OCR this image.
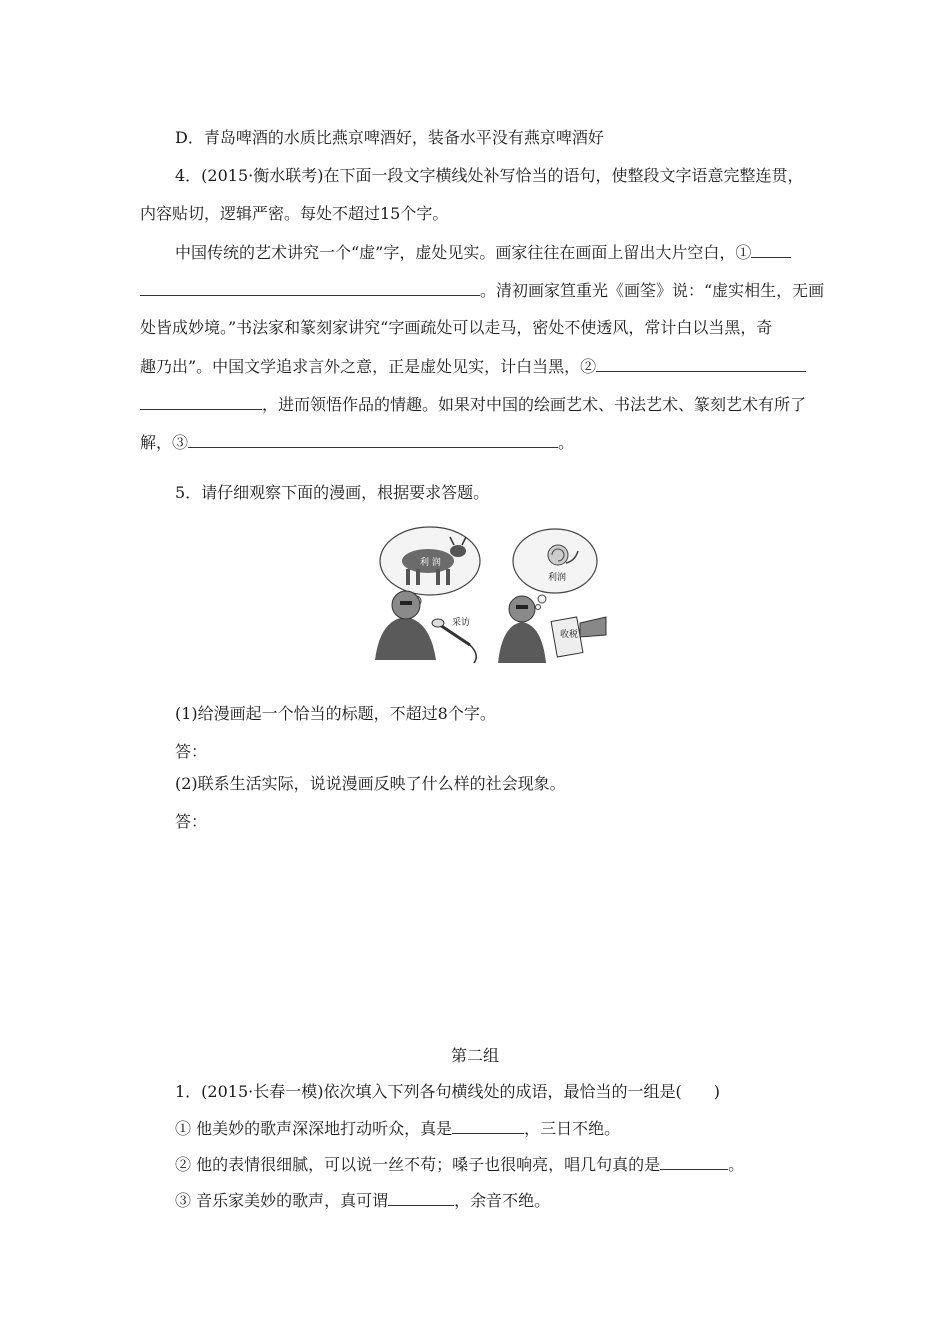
D．青岛啤酒的水质比燕京啤酒好，装备水平没有燕京啤酒好
4．(2015·衡水联考)在下面一段文字横线处补写恰当的语句，使整段文字语意完整连贯，
内容贴切，逻辑严密。每处不超过15个字。
中国传统的艺术讲究一个“虚”字，虚处见实。画家往往在画面上留出大片空白，①
。清初画家笪重光《画筌》说：“虚实相生，无画
处皆成妙境。”书法家和篆刻家讲究“字画疏处可以走马，密处不使透风，常计白以当黑，奇
趣乃出”。中国文学追求言外之意，正是虚处见实，计白当黑，②
，进而领悟作品的情趣。如果对中国的绘画艺术、书法艺术、篆刻艺术有所了
解，③	。
5．请仔细观察下面的漫画，根据要求答题。
利 润
利润
采访
收税
(1)给漫画起一个恰当的标题，不超过8个字。
答：
(2)联系生活实际，说说漫画反映了什么样的社会现象。
答：
第二组
1．(2015·长春一模)依次填入下列各句横线处的成语，最恰当的一组是(　　)
① 他美妙的歌声深深地打动听众，真是	，三日不绝。
② 他的表情很细腻，可以说一丝不苟；嗓子也很响亮，唱几句真的是	。
③ 音乐家美妙的歌声，真可谓	，余音不绝。
